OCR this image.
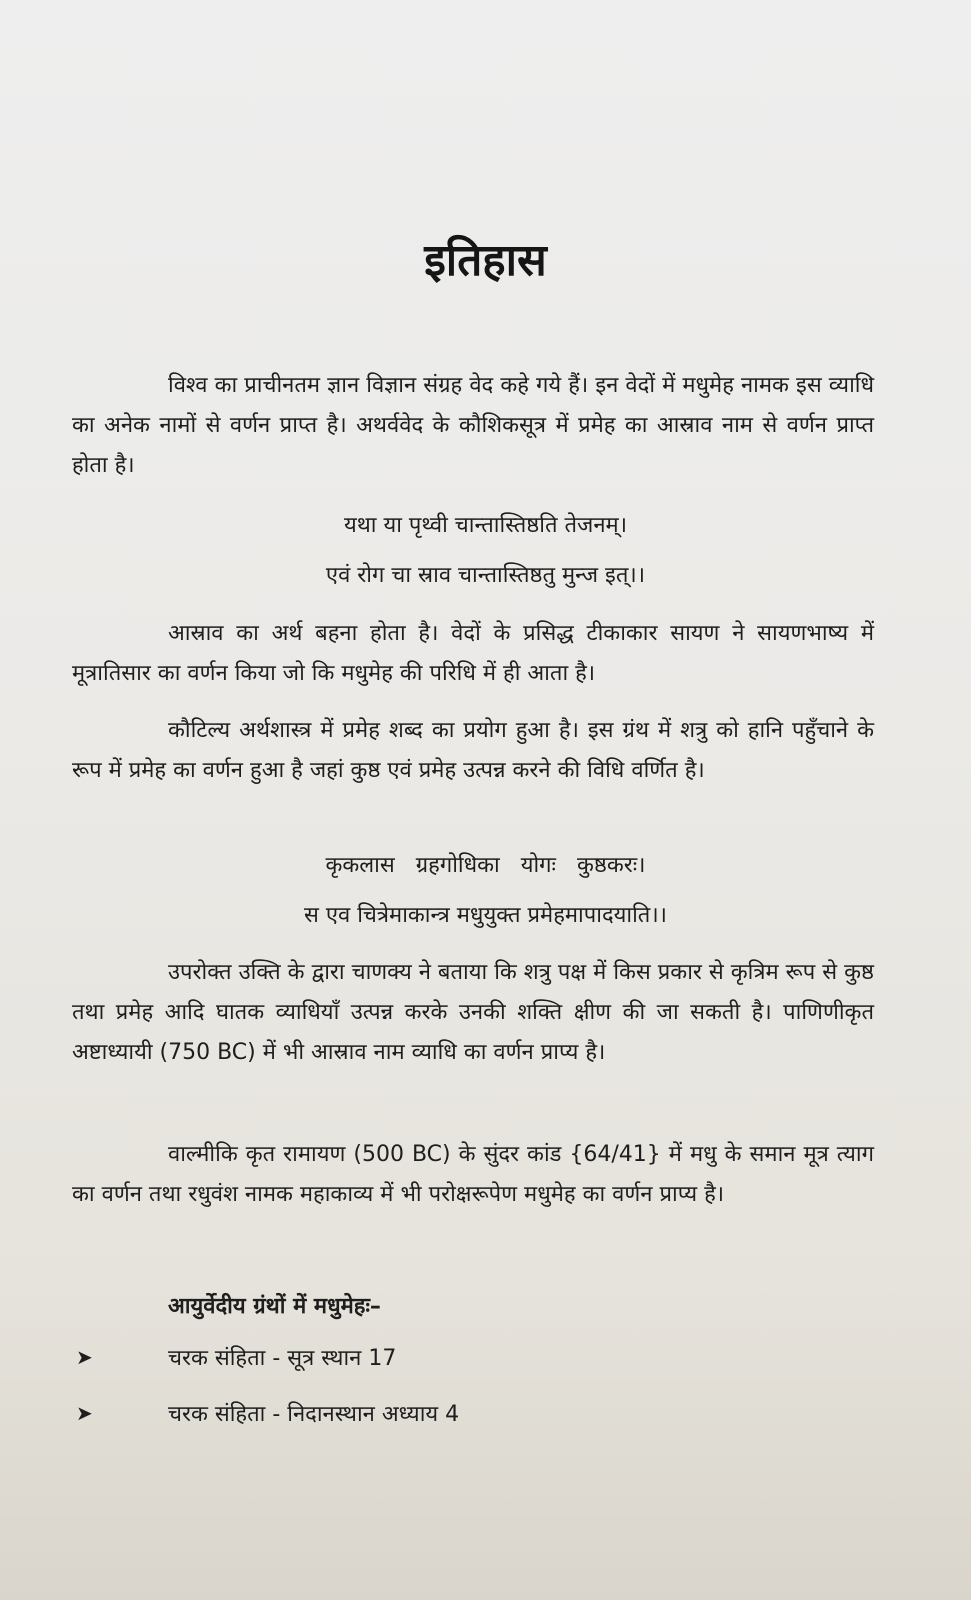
इतिहास

विश्व का प्राचीनतम ज्ञान विज्ञान संग्रह वेद कहे गये हैं। इन वेदों में मधुमेह नामक इस व्याधि का अनेक नामों से वर्णन प्राप्त है। अथर्ववेद के कौशिकसूत्र में प्रमेह का आस्राव नाम से वर्णन प्राप्त होता है।

यथा या पृथ्वी चान्तास्तिष्ठति तेजनम्।

एवं रोग चा स्राव चान्तास्तिष्ठतु मुन्ज इत्।।

आस्राव का अर्थ बहना होता है। वेदों के प्रसिद्ध टीकाकार सायण ने सायणभाष्य में मूत्रातिसार का वर्णन किया जो कि मधुमेह की परिधि में ही आता है।

कौटिल्य अर्थशास्त्र में प्रमेह शब्द का प्रयोग हुआ है। इस ग्रंथ में शत्रु को हानि पहुँचाने के रूप में प्रमेह का वर्णन हुआ है जहां कुष्ठ एवं प्रमेह उत्पन्न करने की विधि वर्णित है।

कृकलास   ग्रहगोधिका   योगः   कुष्ठकरः।

स एव चित्रेमाकान्त्र मधुयुक्त प्रमेहमापादयाति।।

उपरोक्त उक्ति के द्वारा चाणक्य ने बताया कि शत्रु पक्ष में किस प्रकार से कृत्रिम रूप से कुष्ठ तथा प्रमेह आदि घातक व्याधियाँ उत्पन्न करके उनकी शक्ति क्षीण की जा सकती है। पाणिणीकृत अष्टाध्यायी (750 BC) में भी आस्राव नाम व्याधि का वर्णन प्राप्य है।

वाल्मीकि कृत रामायण (500 BC) के सुंदर कांड {64/41} में मधु के समान मूत्र त्याग का वर्णन तथा रधुवंश नामक महाकाव्य में भी परोक्षरूपेण मधुमेह का वर्णन प्राप्य है।

आयुर्वेदीय ग्रंथों में मधुमेहः–

➤	चरक संहिता - सूत्र स्थान 17
➤	चरक संहिता - निदानस्थान अध्याय 4
